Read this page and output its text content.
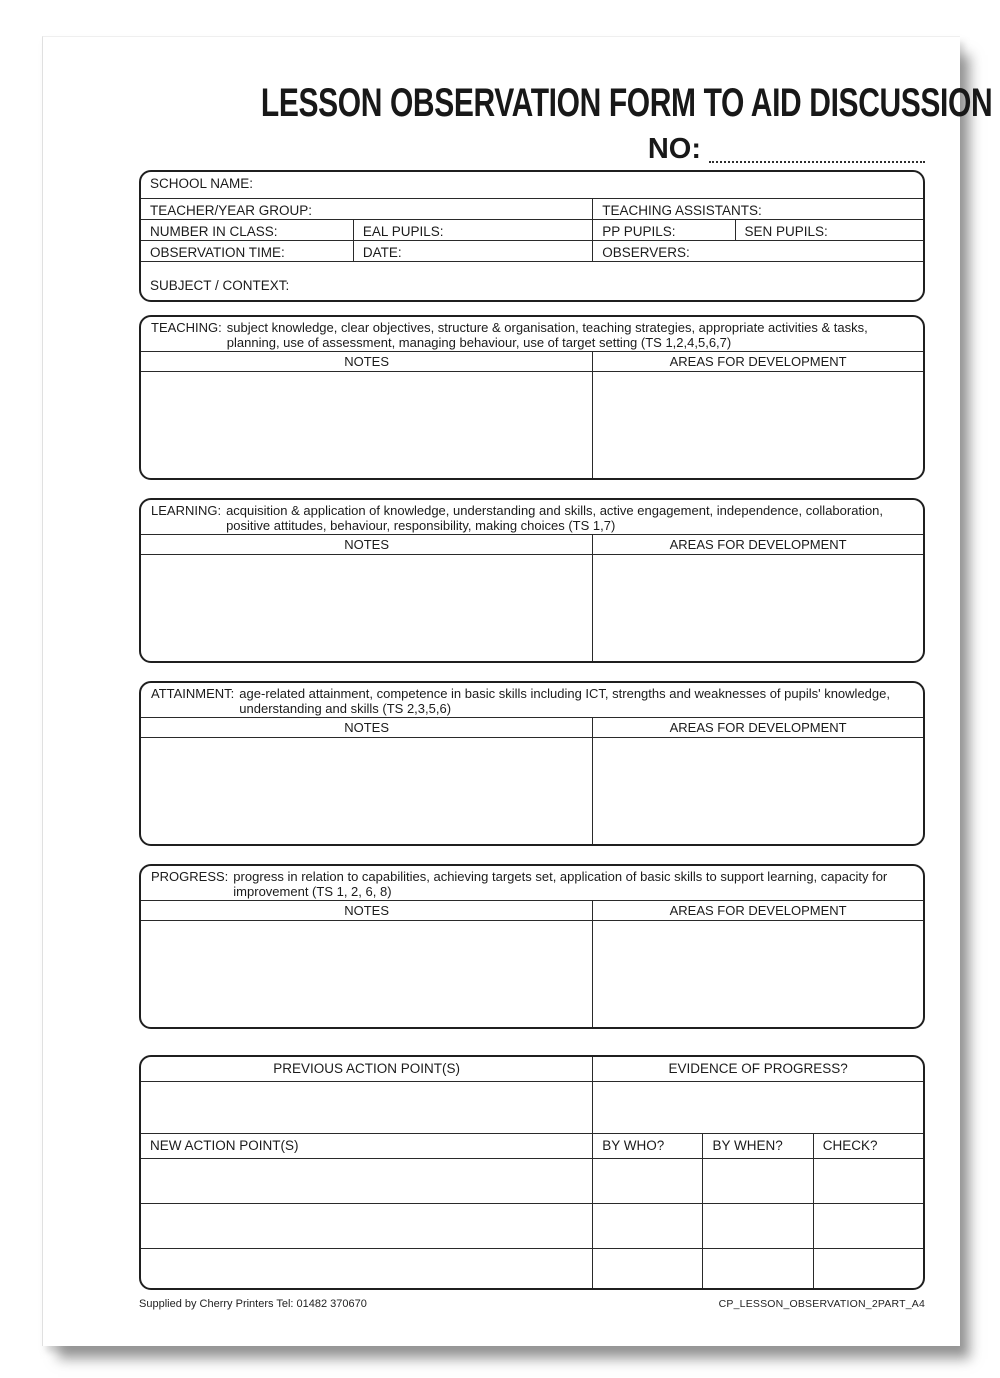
LESSON OBSERVATION FORM TO AID DISCUSSION
NO:
SCHOOL NAME:
TEACHER/YEAR GROUP:	TEACHING ASSISTANTS:
NUMBER IN CLASS:	EAL PUPILS:	PP PUPILS:	SEN PUPILS:
OBSERVATION TIME:	DATE:	OBSERVERS:
SUBJECT / CONTEXT:
TEACHING: subject knowledge, clear objectives, structure & organisation, teaching strategies, appropriate activities & tasks, planning, use of assessment, managing behaviour, use of target setting (TS 1,2,4,5,6,7)
NOTES	AREAS FOR DEVELOPMENT
LEARNING: acquisition & application of knowledge, understanding and skills, active engagement, independence, collaboration, positive attitudes, behaviour, responsibility, making choices (TS 1,7)
NOTES	AREAS FOR DEVELOPMENT
ATTAINMENT: age-related attainment, competence in basic skills including ICT, strengths and weaknesses of pupils' knowledge, understanding and skills (TS 2,3,5,6)
NOTES	AREAS FOR DEVELOPMENT
PROGRESS: progress in relation to capabilities, achieving targets set, application of basic skills to support learning, capacity for improvement (TS 1, 2, 6, 8)
NOTES	AREAS FOR DEVELOPMENT
PREVIOUS ACTION POINT(S)	EVIDENCE OF PROGRESS?
NEW ACTION POINT(S)	BY WHO?	BY WHEN?	CHECK?
Supplied by Cherry Printers Tel: 01482 370670	CP_LESSON_OBSERVATION_2PART_A4
